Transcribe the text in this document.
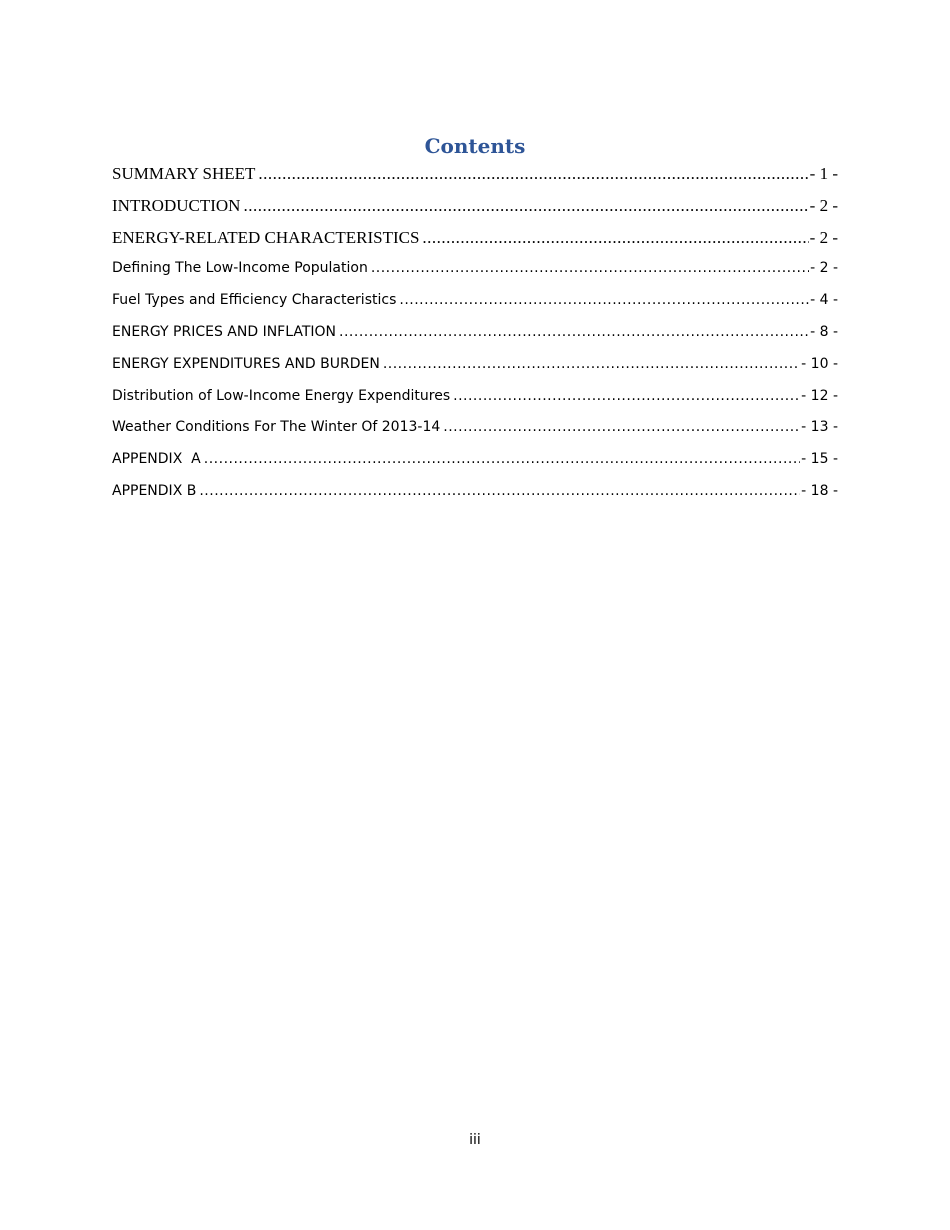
Contents
SUMMARY SHEET .....	- 1 -
INTRODUCTION .....	- 2 -
ENERGY-RELATED CHARACTERISTICS .....	- 2 -
Defining The Low-Income Population .....	- 2 -
Fuel Types and Efficiency Characteristics .....	- 4 -
ENERGY PRICES AND INFLATION .....	- 8 -
ENERGY EXPENDITURES AND BURDEN .....	- 10 -
Distribution of Low-Income Energy Expenditures .....	- 12 -
Weather Conditions For The Winter Of 2013-14 .....	- 13 -
APPENDIX  A .....	- 15 -
APPENDIX B .....	- 18 -
iii
